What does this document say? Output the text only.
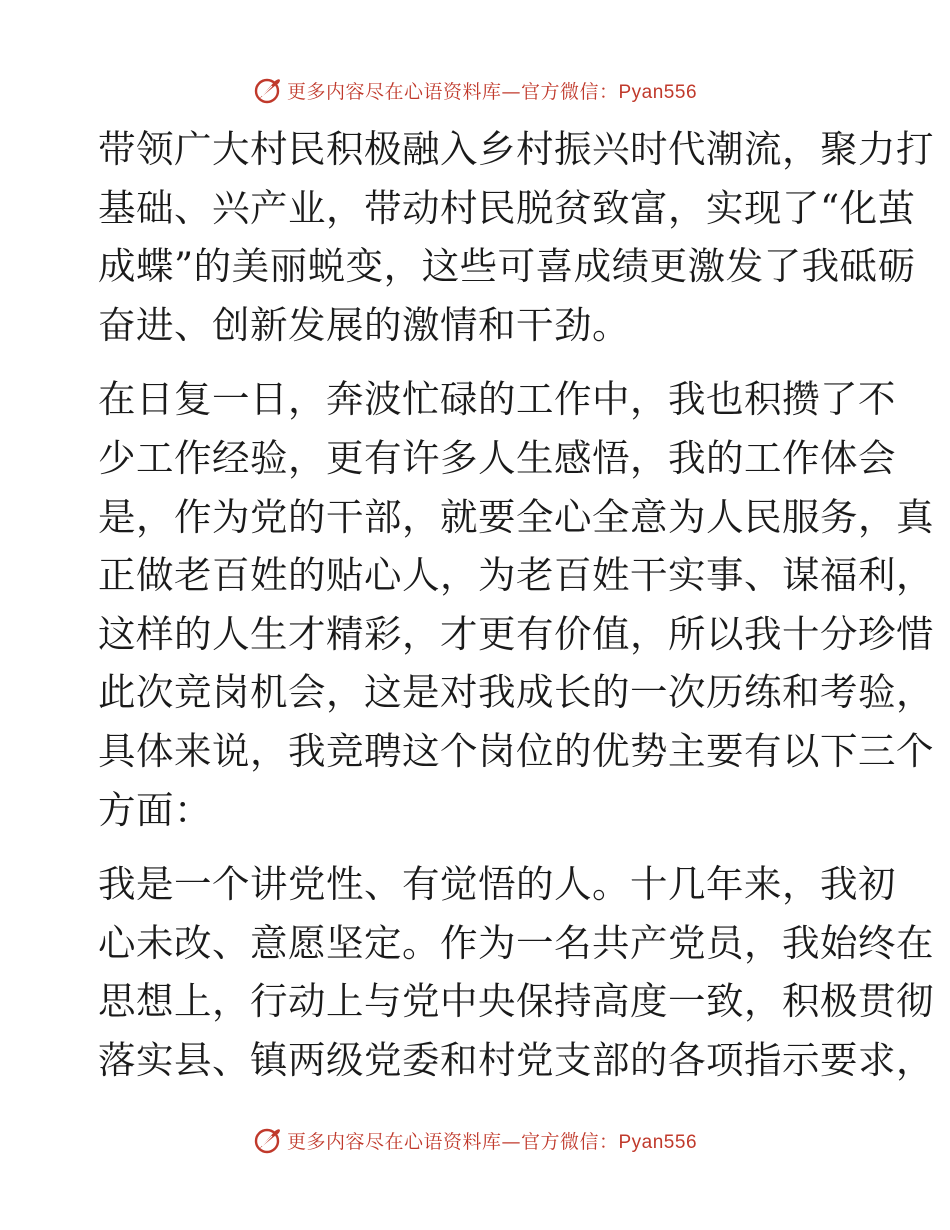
更多内容尽在心语资料库—官方微信：Pyan556

带领广大村民积极融入乡村振兴时代潮流，聚力打
基础、兴产业，带动村民脱贫致富，实现了“化茧
成蝶”的美丽蜕变，这些可喜成绩更激发了我砥砺
奋进、创新发展的激情和干劲。

在日复一日，奔波忙碌的工作中，我也积攒了不
少工作经验，更有许多人生感悟，我的工作体会
是，作为党的干部，就要全心全意为人民服务，真
正做老百姓的贴心人，为老百姓干实事、谋福利，
这样的人生才精彩，才更有价值，所以我十分珍惜
此次竞岗机会，这是对我成长的一次历练和考验，
具体来说，我竞聘这个岗位的优势主要有以下三个
方面：

我是一个讲党性、有觉悟的人。十几年来，我初
心未改、意愿坚定。作为一名共产党员，我始终在
思想上，行动上与党中央保持高度一致，积极贯彻
落实县、镇两级党委和村党支部的各项指示要求，

更多内容尽在心语资料库—官方微信：Pyan556
